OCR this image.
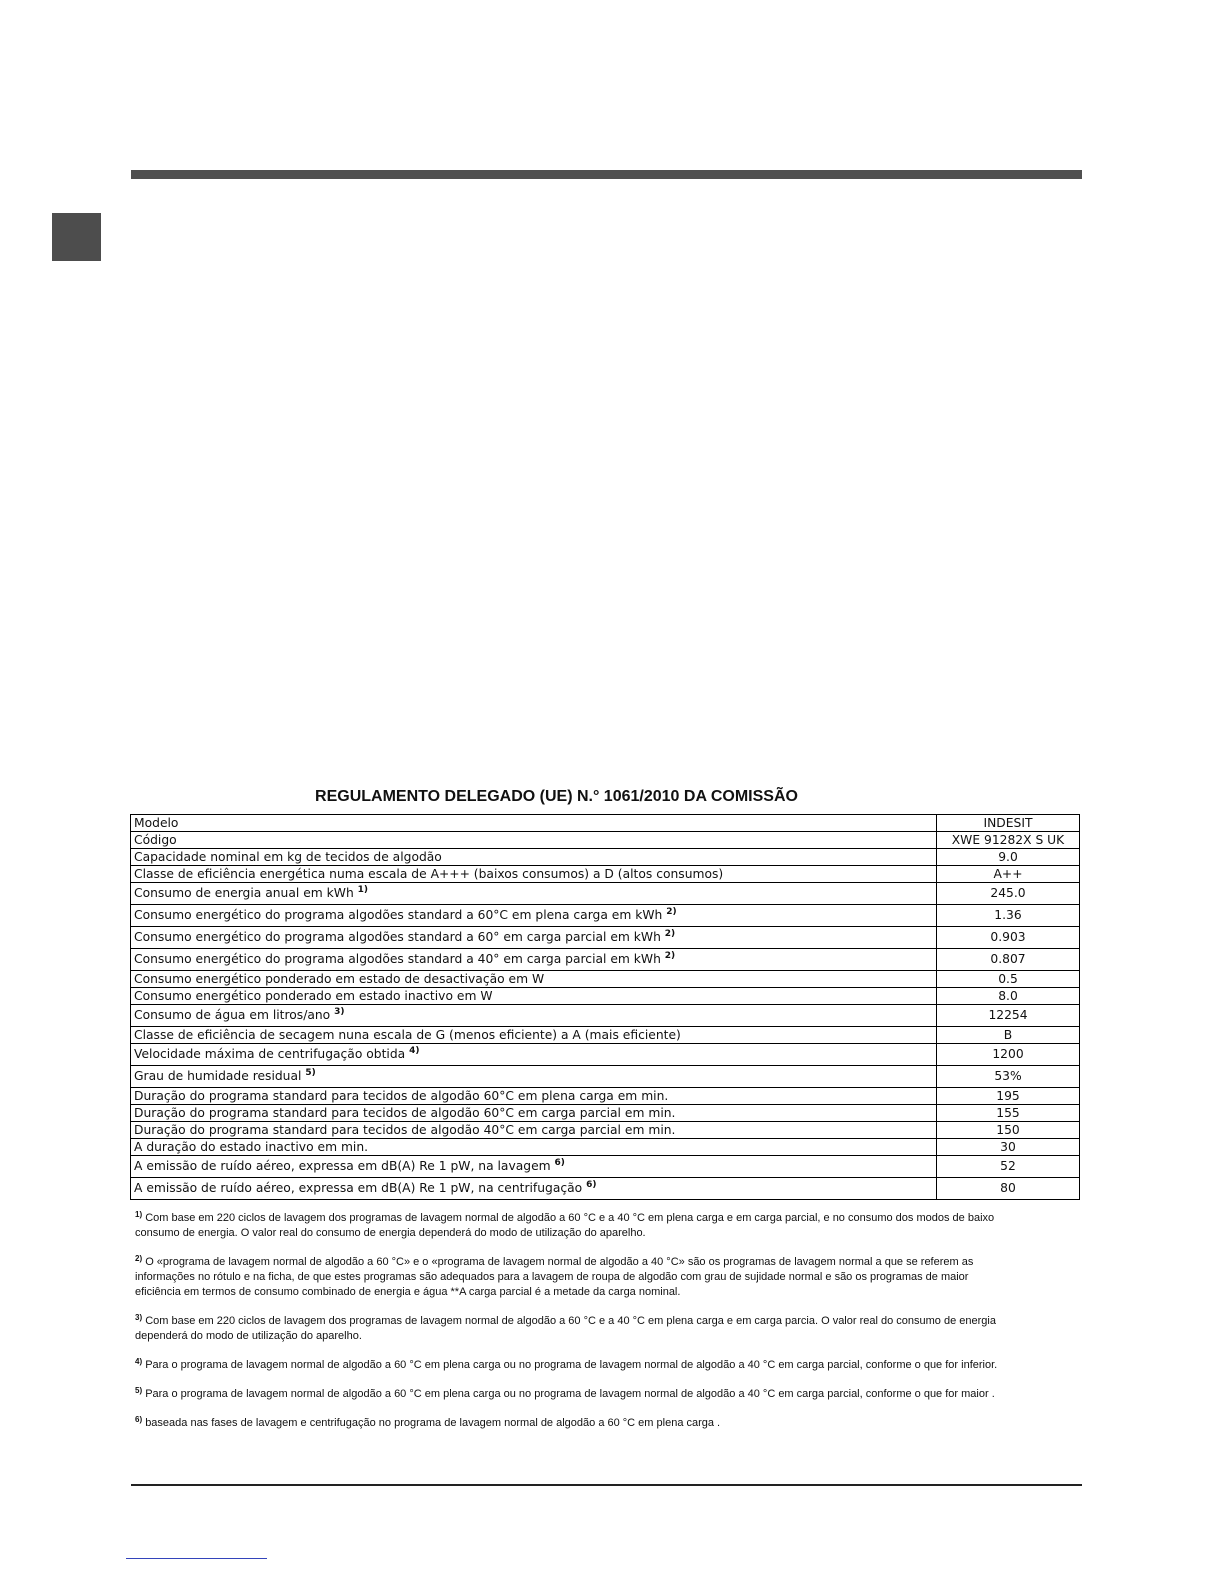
REGULAMENTO DELEGADO (UE) N.° 1061/2010 DA COMISSÃO
Modelo	INDESIT
Código	XWE 91282X S UK
Capacidade nominal em kg de tecidos de algodão	9.0
Classe de eficiência energética numa escala de A+++ (baixos consumos) a D (altos consumos)	A++
Consumo de energia anual em kWh $^{1)}$	245.0
Consumo energético do programa algodões standard a 60°C em plena carga em kWh $^{2)}$	1.36
Consumo energético do programa algodões standard a 60° em carga parcial em kWh $^{2)}$	0.903
Consumo energético do programa algodões standard a 40° em carga parcial em kWh $^{2)}$	0.807
Consumo energético ponderado em estado de desactivação em W	0.5
Consumo energético ponderado em estado inactivo em W	8.0
Consumo de água em litros/ano $^{3)}$	12254
Classe de eficiência de secagem nuna escala de G (menos eficiente) a A (mais eficiente)	B
Velocidade máxima de centrifugação obtida $^{4)}$	1200
Grau de humidade residual $^{5)}$	53%
Duração do programa standard para tecidos de algodão 60°C em plena carga em min.	195
Duração do programa standard para tecidos de algodão 60°C em carga parcial em min.	155
Duração do programa standard para tecidos de algodão 40°C em carga parcial em min.	150
A duração do estado inactivo em min.	30
A emissão de ruído aéreo, expressa em dB(A) Re 1 pW, na lavagem $^{6)}$	52
A emissão de ruído aéreo, expressa em dB(A) Re 1 pW, na centrifugação $^{6)}$	80
$^{1)}$ Com base em 220 ciclos de lavagem dos programas de lavagem normal de algodão a 60 °C e a 40 °C em plena carga e em carga parcial, e no consumo dos modos de baixo
consumo de energia. O valor real do consumo de energia dependerá do modo de utilização do aparelho.
$^{2)}$ O «programa de lavagem normal de algodão a 60 °C» e o «programa de lavagem normal de algodão a 40 °C» são os programas de lavagem normal a que se referem as
informações no rótulo e na ficha, de que estes programas são adequados para a lavagem de roupa de algodão com grau de sujidade normal e são os programas de maior
eficiência em termos de consumo combinado de energia e água **A carga parcial é a metade da carga nominal.
$^{3)}$ Com base em 220 ciclos de lavagem dos programas de lavagem normal de algodão a 60 °C e a 40 °C em plena carga e em carga parcia. O valor real do consumo de energia
dependerá do modo de utilização do aparelho.
$^{4)}$ Para o programa de lavagem normal de algodão a 60 °C em plena carga ou no programa de lavagem normal de algodão a 40 °C em carga parcial, conforme o que for inferior.
$^{5)}$ Para o programa de lavagem normal de algodão a 60 °C em plena carga ou no programa de lavagem normal de algodão a 40 °C em carga parcial, conforme o que for maior .
$^{6)}$ baseada nas fases de lavagem e centrifugação no programa de lavagem normal de algodão a 60 °C em plena carga .
